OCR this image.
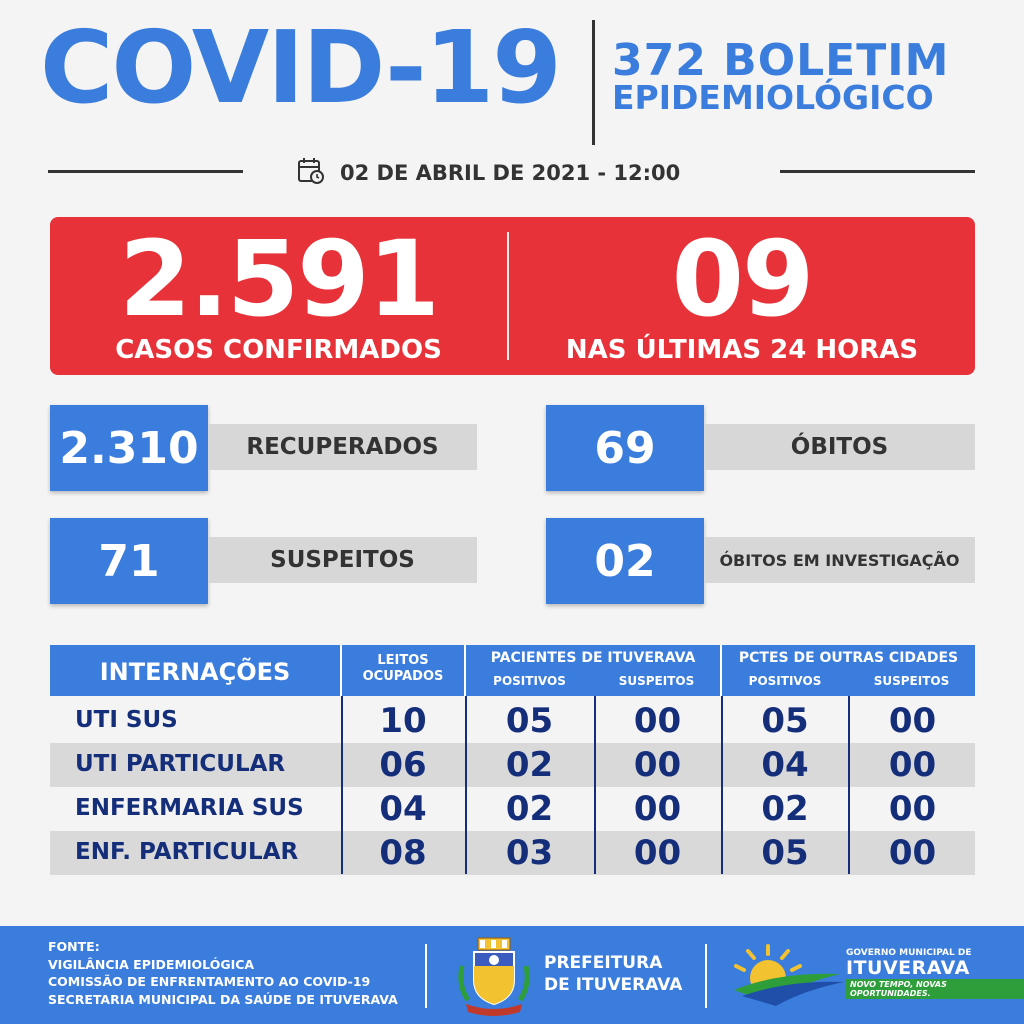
COVID-19 372 BOLETIM
EPIDEMIOLÓGICO
02 DE ABRIL DE 2021 - 12:00
2.591
CASOS CONFIRMADOS
09
NAS ÚLTIMAS 24 HORAS
2.310	RECUPERADOS	69	ÓBITOS
71	SUSPEITOS	02	ÓBITOS EM INVESTIGAÇÃO
INTERNAÇÕES	LEITOS
OCUPADOS
PACIENTES DE ITUVERAVA
POSITIVOS	SUSPEITOS
PCTES DE OUTRAS CIDADES
POSITIVOS	SUSPEITOS
UTI SUS	10	05	00	05	00
UTI PARTICULAR	06	02	00	04	00
ENFERMARIA SUS	04	02	00	02	00
ENF. PARTICULAR	08	03	00	05	00
FONTE:
VIGILÂNCIA EPIDEMIOLÓGICA
COMISSÃO DE ENFRENTAMENTO AO COVID-19
SECRETARIA MUNICIPAL DA SAÚDE DE ITUVERAVA
PREFEITURA
DE ITUVERAVA
GOVERNO MUNICIPAL DE
ITUVERAVA
NOVO TEMPO, NOVAS OPORTUNIDADES.
